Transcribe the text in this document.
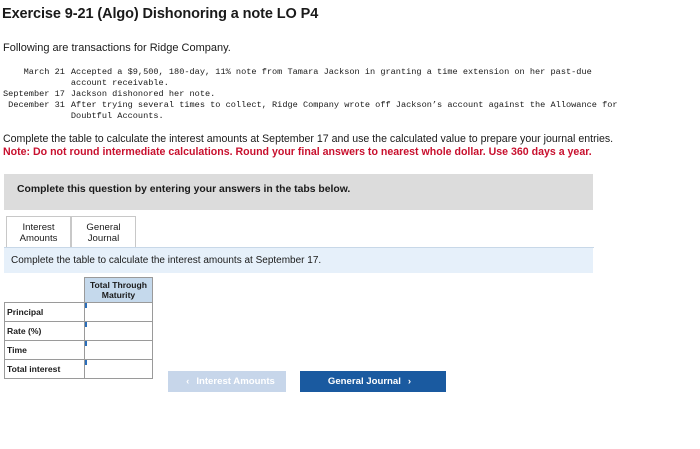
Exercise 9-21 (Algo) Dishonoring a note LO P4
Following are transactions for Ridge Company.
March 21	Accepted a $9,500, 180-day, 11% note from Tamara Jackson in granting a time extension on her past-due
account receivable.
September 17	Jackson dishonored her note.
December 31	After trying several times to collect, Ridge Company wrote off Jackson’s account against the Allowance for
Doubtful Accounts.
Complete the table to calculate the interest amounts at September 17 and use the calculated value to prepare your journal entries.
Note: Do not round intermediate calculations. Round your final answers to nearest whole dollar. Use 360 days a year.
Complete this question by entering your answers in the tabs below.
Interest
Amounts
General
Journal
Complete the table to calculate the interest amounts at September 17.
	Total Through
Maturity
Principal	
Rate (%)	
Time	
Total interest	
‹ Interest Amounts	General Journal ›
